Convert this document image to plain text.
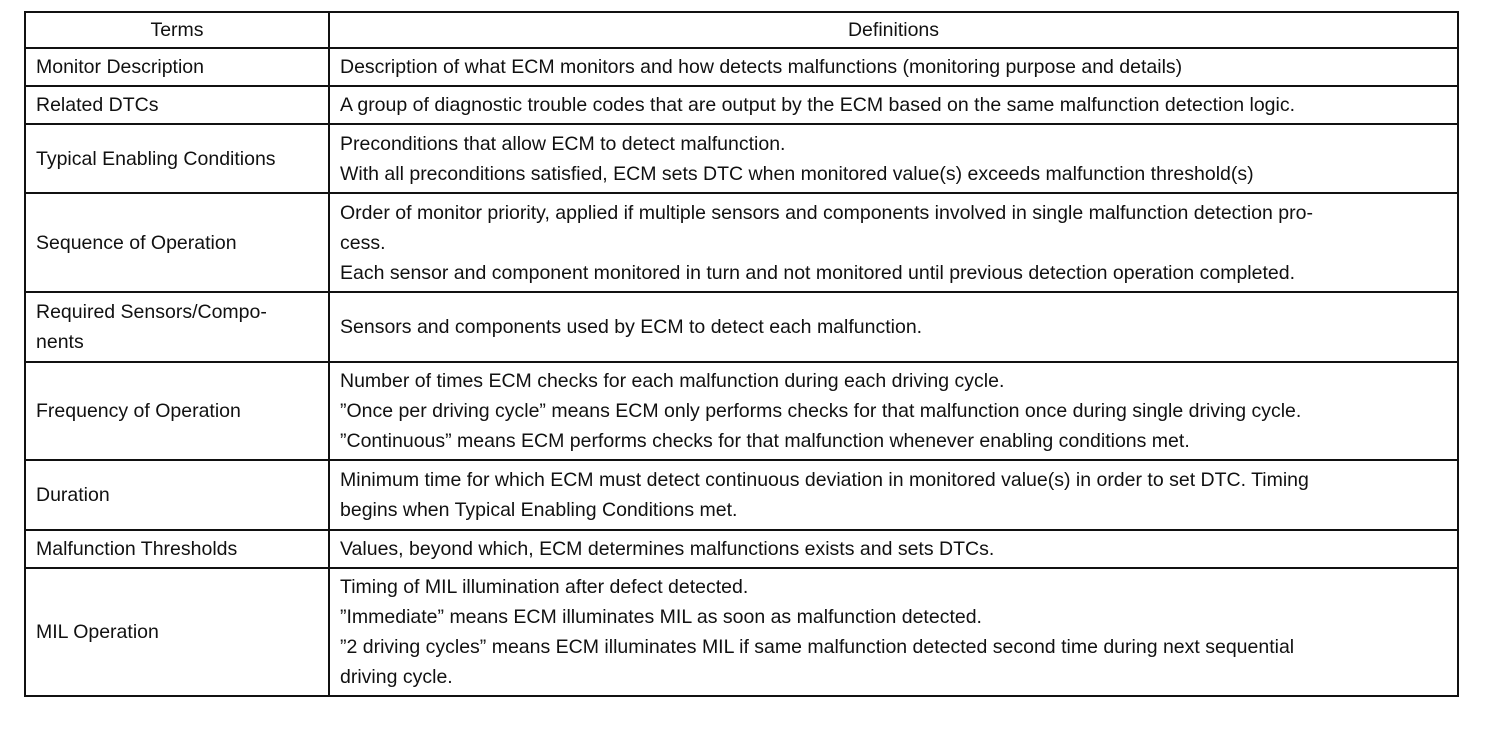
Terms	Definitions
Monitor Description	Description of what ECM monitors and how detects malfunctions (monitoring purpose and details)

Related DTCs	A group of diagnostic trouble codes that are output by the ECM based on the same malfunction detection logic.

Typical Enabling Conditions	Preconditions that allow ECM to detect malfunction.
With all preconditions satisfied, ECM sets DTC when monitored value(s) exceeds malfunction threshold(s)

Sequence of Operation	Order of monitor priority, applied if multiple sensors and components involved in single malfunction detection pro-
cess.
Each sensor and component monitored in turn and not monitored until previous detection operation completed.

Required Sensors/Compo-
nents	Sensors and components used by ECM to detect each malfunction.

Frequency of Operation	Number of times ECM checks for each malfunction during each driving cycle.
”Once per driving cycle” means ECM only performs checks for that malfunction once during single driving cycle.
”Continuous” means ECM performs checks for that malfunction whenever enabling conditions met.

Duration	Minimum time for which ECM must detect continuous deviation in monitored value(s) in order to set DTC. Timing
begins when Typical Enabling Conditions met.

Malfunction Thresholds	Values, beyond which, ECM determines malfunctions exists and sets DTCs.

MIL Operation	Timing of MIL illumination after defect detected.
”Immediate” means ECM illuminates MIL as soon as malfunction detected.
”2 driving cycles” means ECM illuminates MIL if same malfunction detected second time during next sequential
driving cycle.
